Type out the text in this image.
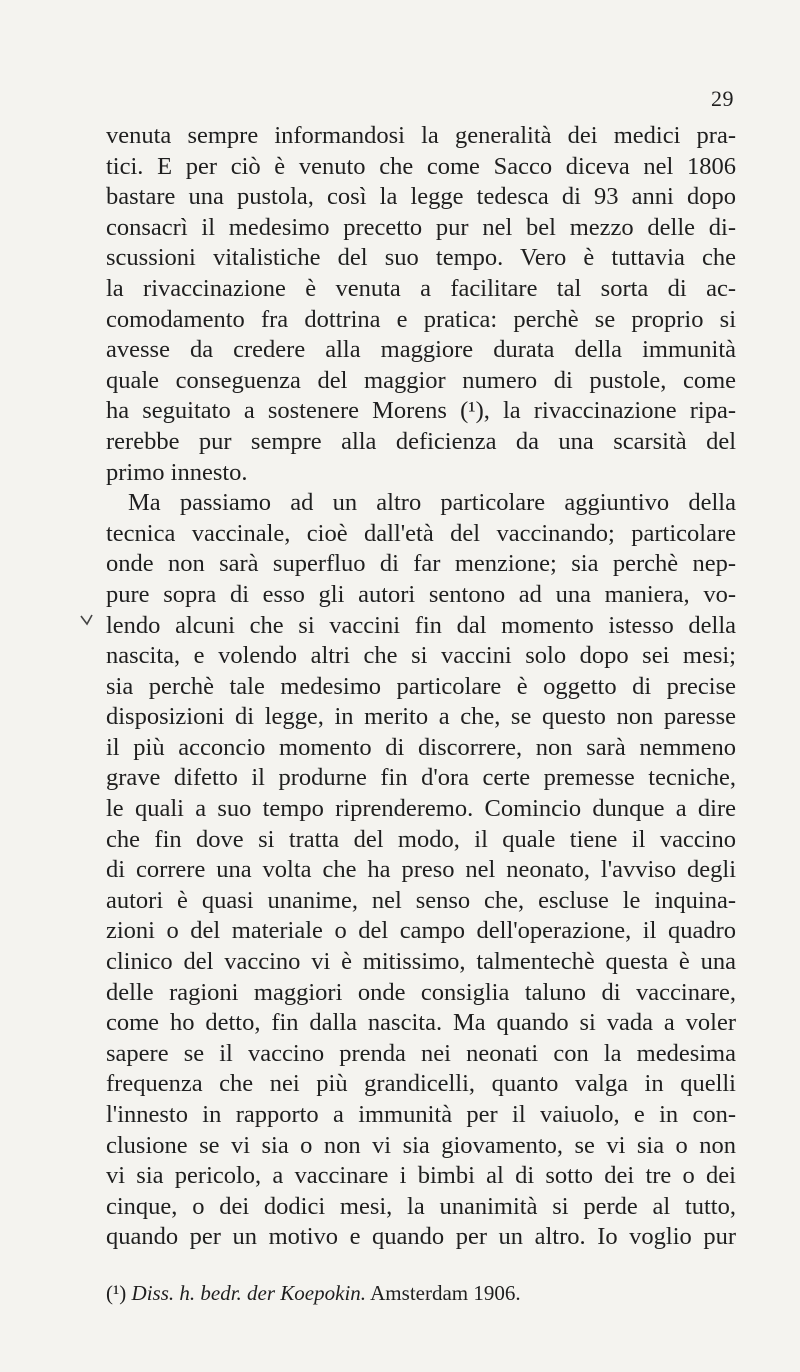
29
venuta sempre informandosi la generalità dei medici pra-
tici. E per ciò è venuto che come Sacco diceva nel 1806
bastare una pustola, così la legge tedesca di 93 anni dopo
consacrì il medesimo precetto pur nel bel mezzo delle di-
scussioni vitalistiche del suo tempo. Vero è tuttavia che
la rivaccinazione è venuta a facilitare tal sorta di ac-
comodamento fra dottrina e pratica: perchè se proprio si
avesse da credere alla maggiore durata della immunità
quale conseguenza del maggior numero di pustole, come
ha seguitato a sostenere Morens (¹), la rivaccinazione ripa-
rerebbe pur sempre alla deficienza da una scarsità del
primo innesto.
Ma passiamo ad un altro particolare aggiuntivo della
tecnica vaccinale, cioè dall'età del vaccinando; particolare
onde non sarà superfluo di far menzione; sia perchè nep-
pure sopra di esso gli autori sentono ad una maniera, vo-
lendo alcuni che si vaccini fin dal momento istesso della
nascita, e volendo altri che si vaccini solo dopo sei mesi;
sia perchè tale medesimo particolare è oggetto di precise
disposizioni di legge, in merito a che, se questo non paresse
il più acconcio momento di discorrere, non sarà nemmeno
grave difetto il produrne fin d'ora certe premesse tecniche,
le quali a suo tempo riprenderemo. Comincio dunque a dire
che fin dove si tratta del modo, il quale tiene il vaccino
di correre una volta che ha preso nel neonato, l'avviso degli
autori è quasi unanime, nel senso che, escluse le inquina-
zioni o del materiale o del campo dell'operazione, il quadro
clinico del vaccino vi è mitissimo, talmentechè questa è una
delle ragioni maggiori onde consiglia taluno di vaccinare,
come ho detto, fin dalla nascita. Ma quando si vada a voler
sapere se il vaccino prenda nei neonati con la medesima
frequenza che nei più grandicelli, quanto valga in quelli
l'innesto in rapporto a immunità per il vaiuolo, e in con-
clusione se vi sia o non vi sia giovamento, se vi sia o non
vi sia pericolo, a vaccinare i bimbi al di sotto dei tre o dei
cinque, o dei dodici mesi, la unanimità si perde al tutto,
quando per un motivo e quando per un altro. Io voglio pur
(¹) Diss. h. bedr. der Koepokin. Amsterdam 1906.
